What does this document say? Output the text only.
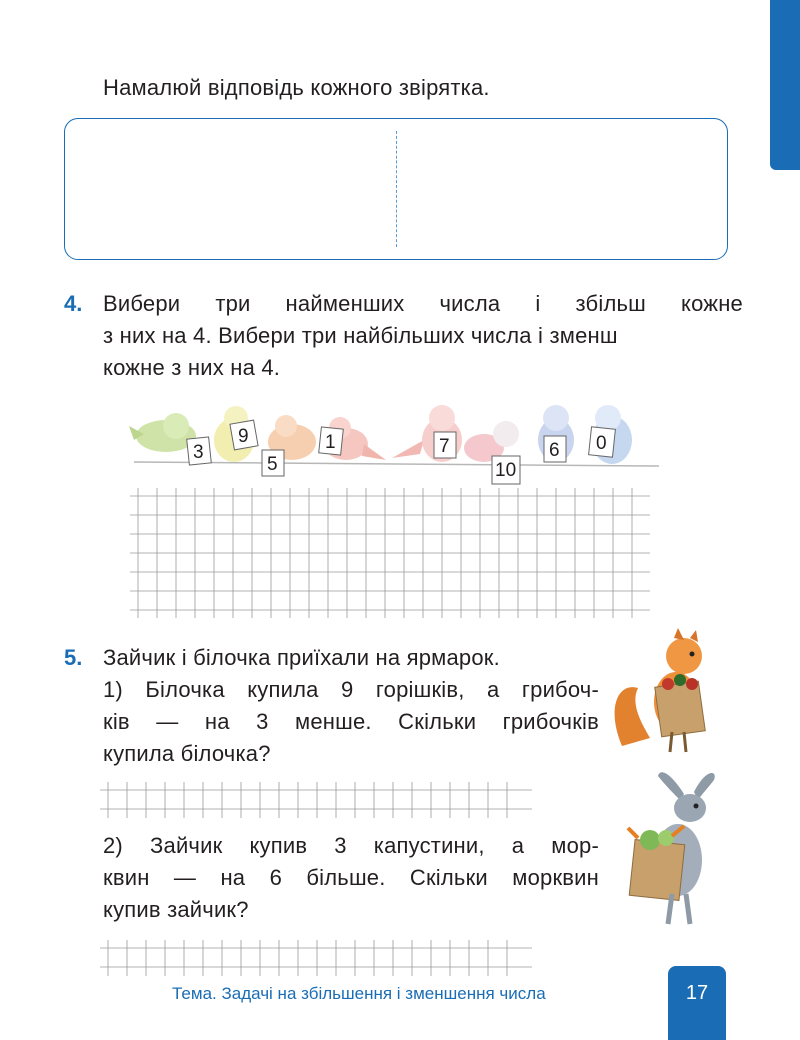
Намалюй відповідь кожного звірятка.
4. Вибери три найменших числа і збільш кожне
з них на 4. Вибери три найбільших числа і зменш
кожне з них на 4.
3
9
5
1	7
10
6 0
5. Зайчик і білочка приїхали на ярмарок.
1) Білочка купила 9 горішків, а грибоч-
ків — на 3 менше. Скільки грибочків
купила білочка?
2) Зайчик купив 3 капустини, а мор-
квин — на 6 більше. Скільки морквин
купив зайчик?
Тема. Задачі на збільшення і зменшення числа	17
